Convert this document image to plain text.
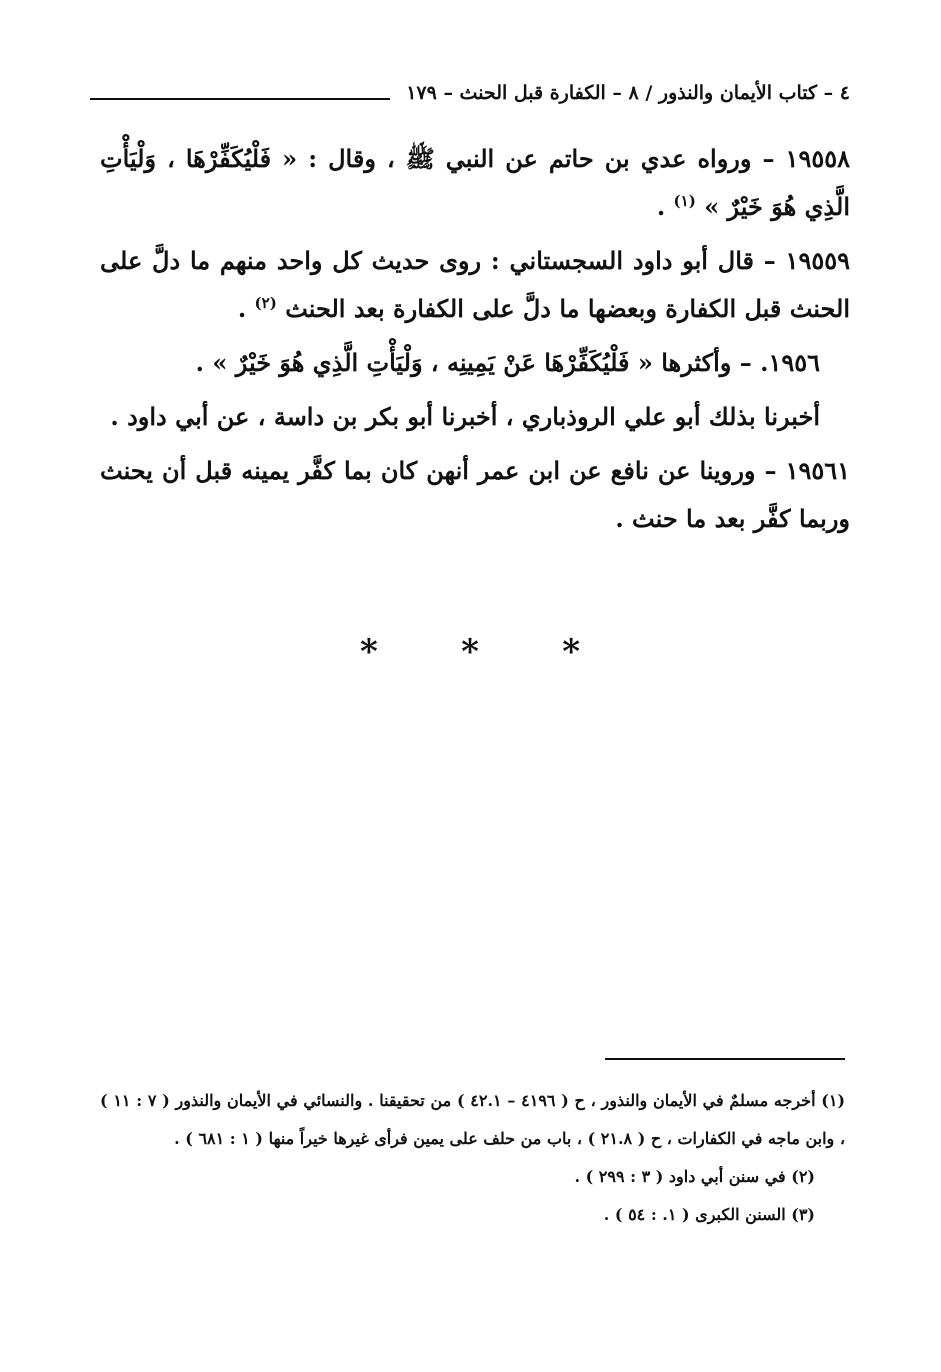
٤ – كتاب الأيمان والنذور / ٨ – الكفارة قبل الحنث – ١٧٩

١٩٥٥٨ – ورواه عدي بن حاتم عن النبي ﷺ ، وقال : « فَلْيُكَفِّرْهَا ، وَلْيَأْتِ الَّذِي هُوَ خَيْرٌ » $^{(١)}$ .

١٩٥٥٩ – قال أبو داود السجستاني : روى حديث كل واحد منهم ما دلَّ على الحنث قبل الكفارة وبعضها ما دلَّ على الكفارة بعد الحنث $^{(٢)}$ .

١٩٥٦. – وأكثرها « فَلْيُكَفِّرْهَا عَنْ يَمِينِه ، وَلْيَأْتِ الَّذِي هُوَ خَيْرٌ » .

أخبرنا بذلك أبو علي الروذباري ، أخبرنا أبو بكر بن داسة ، عن أبي داود .

١٩٥٦١ – وروينا عن نافع عن ابن عمر أنهن كان بما كفَّر يمينه قبل أن يحنث وربما كفَّر بعد ما حنث .

* * *

(١) أخرجه مسلمٌ في الأيمان والنذور ، ح ( ٤١٩٦ – ٤٢.١ ) من تحقيقنا . والنسائي في الأيمان والنذور ( ٧ : ١١ ) ، وابن ماجه في الكفارات ، ح ( ٢١.٨ ) ، باب من حلف على يمين فرأى غيرها خيراً منها ( ١ : ٦٨١ ) .

(٢) في سنن أبي داود ( ٣ : ٢٩٩ ) .

(٣) السنن الكبرى ( ١. : ٥٤ ) .
